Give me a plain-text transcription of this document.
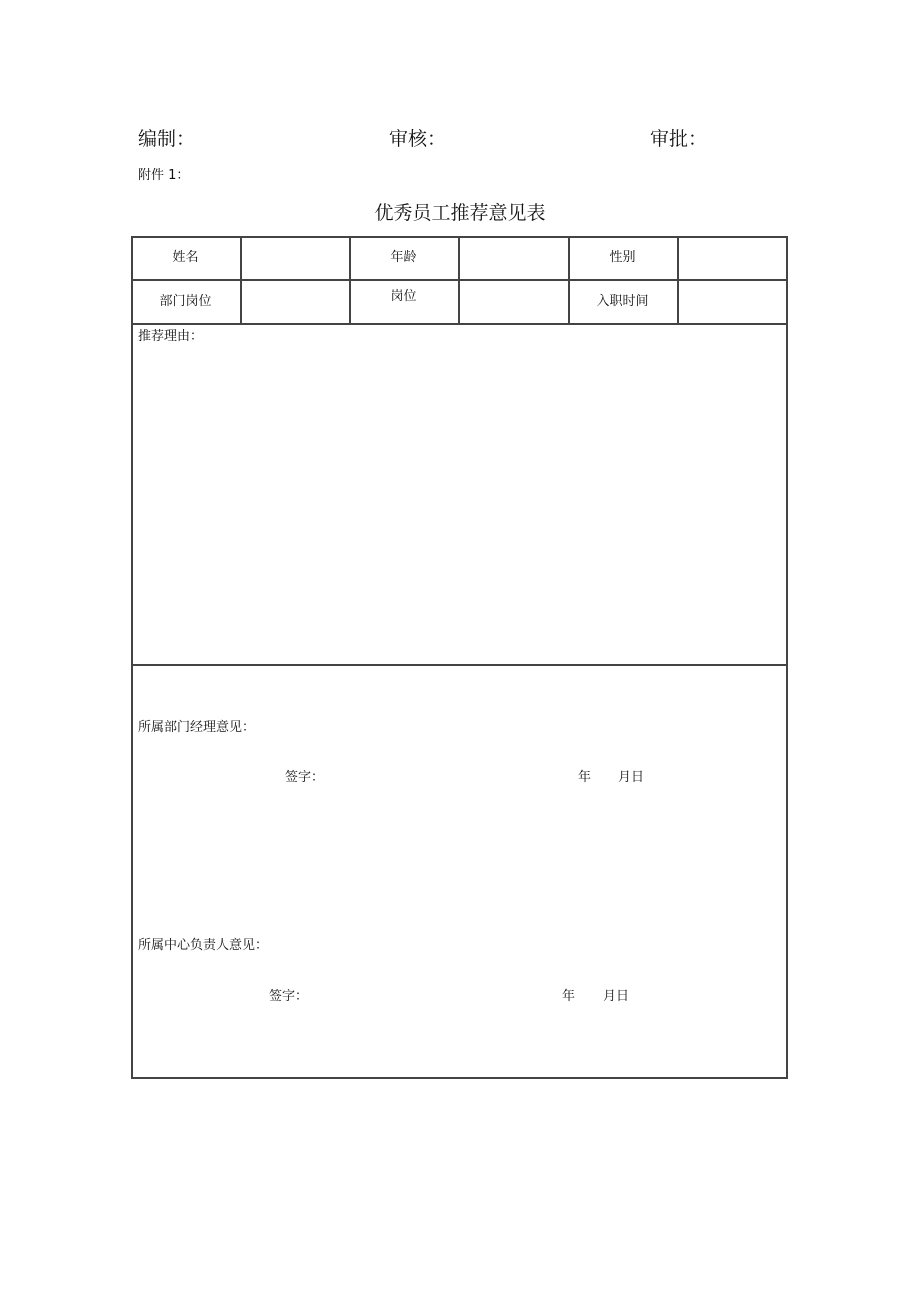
编制：	审核：	审批：
附件 1：
优秀员工推荐意见表
姓名	年龄	性别
部门岗位	岗位	入职时间
推荐理由：
所属部门经理意见：
签字：	年 月日
所属中心负责人意见：
签字：	年 月日
